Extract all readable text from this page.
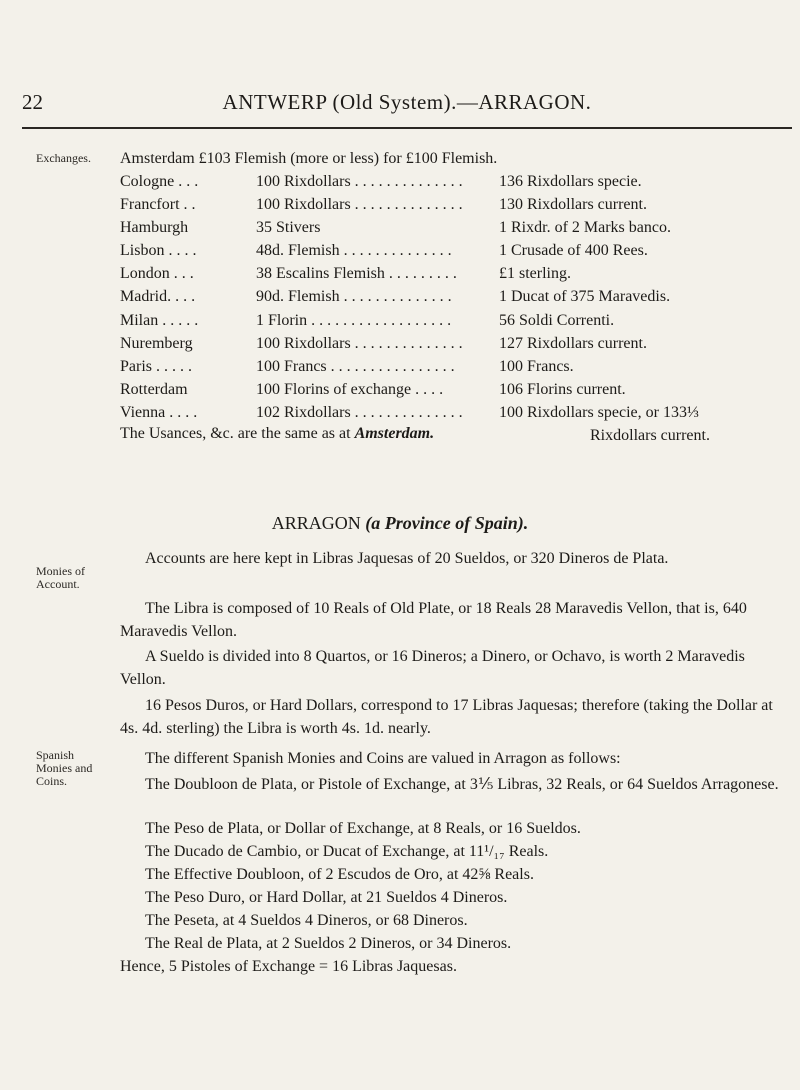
22	ANTWERP (Old System).—ARRAGON.
Exchanges.
Monies of
Account.
Spanish
Monies and
Coins.
Amsterdam £103 Flemish (more or less) for £100 Flemish.
Cologne . . .	100 Rixdollars . . . . . . . . . . . . . . 136 Rixdollars specie.
Francfort . .	100 Rixdollars . . . . . . . . . . . . . . 130 Rixdollars current.
Hamburgh	35 Stivers	1 Rixdr. of 2 Marks banco.
Lisbon . . . .	48d. Flemish . . . . . . . . . . . . . .	1 Crusade of 400 Rees.
London . . .	38 Escalins Flemish . . . . . . . . .	£1 sterling.
Madrid. . . .	90d. Flemish . . . . . . . . . . . . . .	1 Ducat of 375 Maravedis.
Milan . . . . .	1 Florin . . . . . . . . . . . . . . . . . .	56 Soldi Correnti.
Nuremberg	100 Rixdollars . . . . . . . . . . . . . . 127 Rixdollars current.
Paris . . . . .	100 Francs . . . . . . . . . . . . . . . .	100 Francs.
Rotterdam	100 Florins of exchange . . . .	106 Florins current.
Vienna . . . .	102 Rixdollars . . . . . . . . . . . . . . 100 Rixdollars specie, or 133⅓
Rixdollars current.
The Usances, &c. are the same as at Amsterdam.
ARRAGON (a Province of Spain).
Accounts are here kept in Libras Jaquesas of 20 Sueldos, or 320 Dineros de Plata.
The Libra is composed of 10 Reals of Old Plate, or 18 Reals 28 Maravedis Vellon, that is, 640 Maravedis Vellon.
A Sueldo is divided into 8 Quartos, or 16 Dineros; a Dinero, or Ochavo, is worth 2 Maravedis Vellon.
16 Pesos Duros, or Hard Dollars, correspond to 17 Libras Jaquesas; therefore (taking the Dollar at 4s. 4d. sterling) the Libra is worth 4s. 1d. nearly.
The different Spanish Monies and Coins are valued in Arragon as follows:
The Doubloon de Plata, or Pistole of Exchange, at 3⅕ Libras, 32 Reals, or 64 Sueldos Arragonese.
The Peso de Plata, or Dollar of Exchange, at 8 Reals, or 16 Sueldos.
The Ducado de Cambio, or Ducat of Exchange, at 11¹/₁₇ Reals.
The Effective Doubloon, of 2 Escudos de Oro, at 42⅝ Reals.
The Peso Duro, or Hard Dollar, at 21 Sueldos 4 Dineros.
The Peseta, at 4 Sueldos 4 Dineros, or 68 Dineros.
The Real de Plata, at 2 Sueldos 2 Dineros, or 34 Dineros.
Hence, 5 Pistoles of Exchange = 16 Libras Jaquesas.
